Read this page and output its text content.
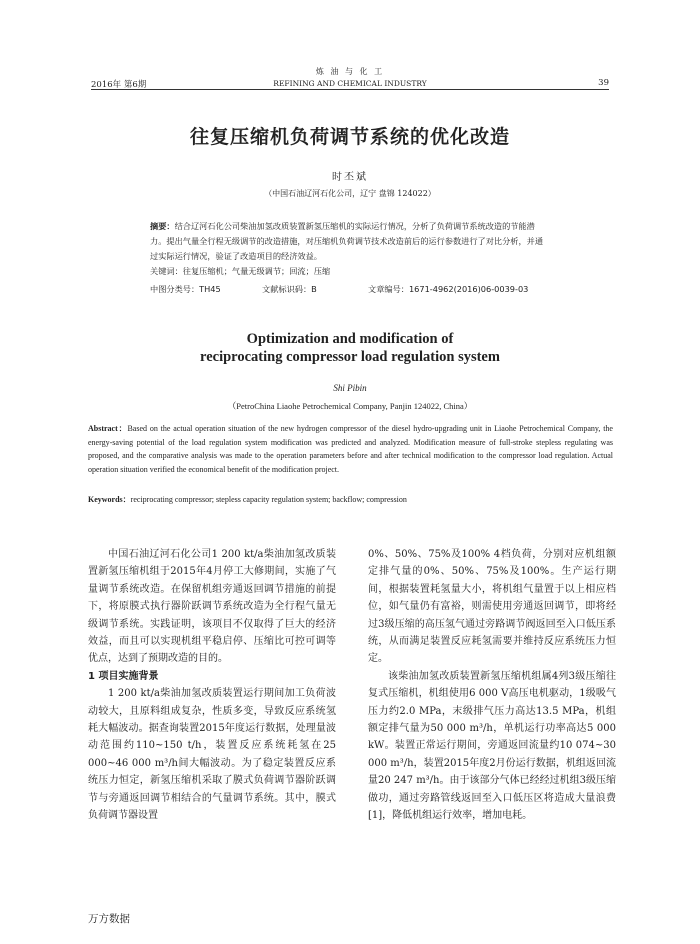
2016年 第6期
炼 油 与 化 工
REFINING AND CHEMICAL INDUSTRY	39
往复压缩机负荷调节系统的优化改造
时丕斌
（中国石油辽河石化公司，辽宁 盘锦 124022）
摘要：结合辽河石化公司柴油加氢改质装置新氢压缩机的实际运行情况，分析了负荷调节系统改造的节能潜力。提出气量全行程无级调节的改造措施，对压缩机负荷调节技术改造前后的运行参数进行了对比分析，并通过实际运行情况，验证了改造项目的经济效益。
关键词：往复压缩机；气量无级调节；回流；压缩
中图分类号：TH45	文献标识码：B	文章编号：1671-4962(2016)06-0039-03
Optimization and modification of
reciprocating compressor load regulation system
Shi Pibin
（PetroChina Liaohe Petrochemical Company, Panjin 124022, China）
Abstract：Based on the actual operation situation of the new hydrogen compressor of the diesel hydro-upgrading unit in Liaohe Petrochemical Company, the energy-saving potential of the load regulation system modification was predicted and analyzed. Modification measure of full-stroke stepless regulating was proposed, and the comparative analysis was made to the operation parameters before and after technical modification to the compressor load regulation. Actual operation situation verified the economical benefit of the modification project.
Keywords：reciprocating compressor; stepless capacity regulation system; backflow; compression

中国石油辽河石化公司1 200 kt/a柴油加氢改质装置新氢压缩机组于2015年4月停工大修期间，实施了气量调节系统改造。在保留机组旁通返回调节措施的前提下，将原膜式执行器阶跃调节系统改造为全行程气量无级调节系统。实践证明，该项目不仅取得了巨大的经济效益，而且可以实现机组平稳启停、压缩比可控可调等优点，达到了预期改造的目的。

1 项目实施背景

1 200 kt/a柴油加氢改质装置运行期间加工负荷波动较大，且原料组成复杂，性质多变，导致反应系统氢耗大幅波动。据查询装置2015年度运行数据，处理量波动范围约110~150 t/h，装置反应系统耗氢在25 000~46 000 m³/h间大幅波动。为了稳定装置反应系统压力恒定，新氢压缩机采取了膜式负荷调节器阶跃调节与旁通返回调节相结合的气量调节系统。其中，膜式负荷调节器设置

0%、50%、75%及100% 4档负荷，分别对应机组额定排气量的0%、50%、75%及100%。生产运行期间，根据装置耗氢量大小，将机组气量置于以上相应档位，如气量仍有富裕，则需使用旁通返回调节，即将经过3级压缩的高压氢气通过旁路调节阀返回至入口低压系统，从而满足装置反应耗氢需要并维持反应系统压力恒定。

该柴油加氢改质装置新氢压缩机组属4列3级压缩往复式压缩机，机组使用6 000 V高压电机驱动，1级吸气压力约2.0 MPa，末级排气压力高达13.5 MPa，机组额定排气量为50 000 m³/h，单机运行功率高达5 000 kW。装置正常运行期间，旁通返回流量约10 074~30 000 m³/h，装置2015年度2月份运行数据，机组返回流量20 247 m³/h。由于该部分气体已经经过机组3级压缩做功，通过旁路管线返回至入口低压区将造成大量浪费[1]，降低机组运行效率，增加电耗。

万方数据
